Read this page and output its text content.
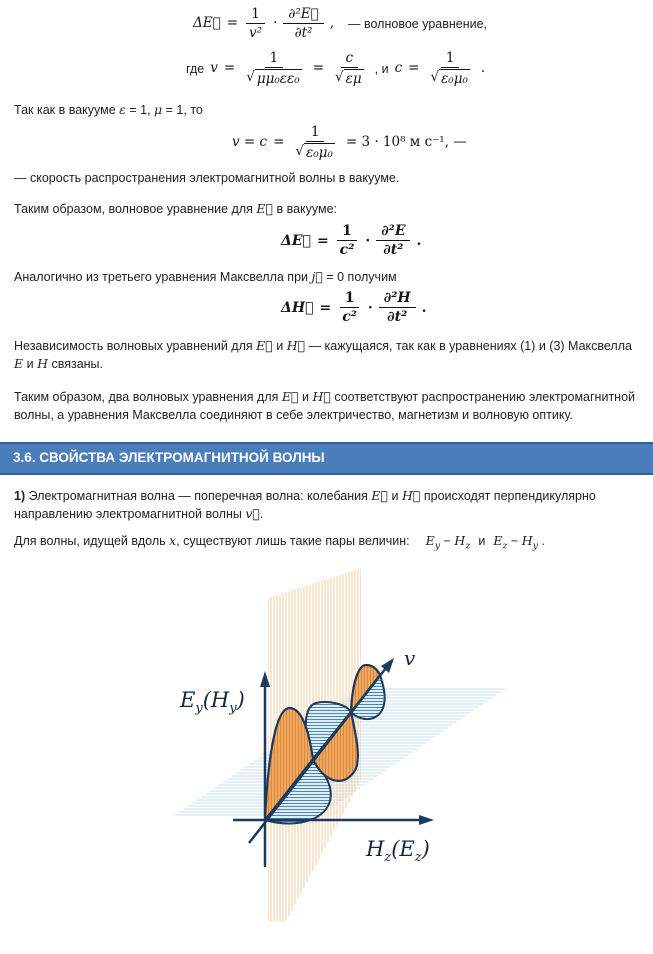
ΔE⃗ = $\frac{1}{\text{v²}} \cdot \frac{\text{∂²E⃗}}{\text{∂t²}}$ , — волновое уравнение,
где $v = \frac{1}{\text{√ μμ₀εε₀}} = \frac{c}{√ \varepsilon\mu}$ , и $c = \frac{1}{\text{√ ε₀μ₀}}$ .

Так как в вакууме ε = 1, μ = 1, то

$v = c = \frac{1}{\text{√ ε₀μ₀}} = 3 \cdot 10^8$ м с⁻¹, —

— скорость распространения электромагнитной волны в вакууме.

Таким образом, волновое уравнение для E⃗ в вакууме:

ΔE⃗ = $\frac{1}{\text{c²}} \cdot \frac{\text{∂²E}}{\text{∂t²}}$ .

Аналогично из третьего уравнения Максвелла при j⃗ = 0 получим

ΔH⃗ = $\frac{1}{\text{c²}} \cdot \frac{\text{∂²H}}{\text{∂t²}}$ .

Независимость волновых уравнений для E⃗ и H⃗ — кажущаяся, так как в уравнениях (1) и (3) Максвелла E и H связаны.

Таким образом, два волновых уравнения для E⃗ и H⃗ соответствуют распространению электромагнитной волны, а уравнения Максвелла соединяют в себе электричество, магнетизм и волновую оптику.

3.6. СВОЙСТВА ЭЛЕКТРОМАГНИТНОЙ ВОЛНЫ

1) Электромагнитная волна — поперечная волна: колебания E⃗ и H⃗ происходят перпендикулярно направлению электромагнитной волны v⃗.

Для волны, идущей вдоль x, существуют лишь такие пары величин: $E_y - H_z$ и $E_z - H_y$ .

$E_y(H_y)$
$H_z(E_z)$
v
